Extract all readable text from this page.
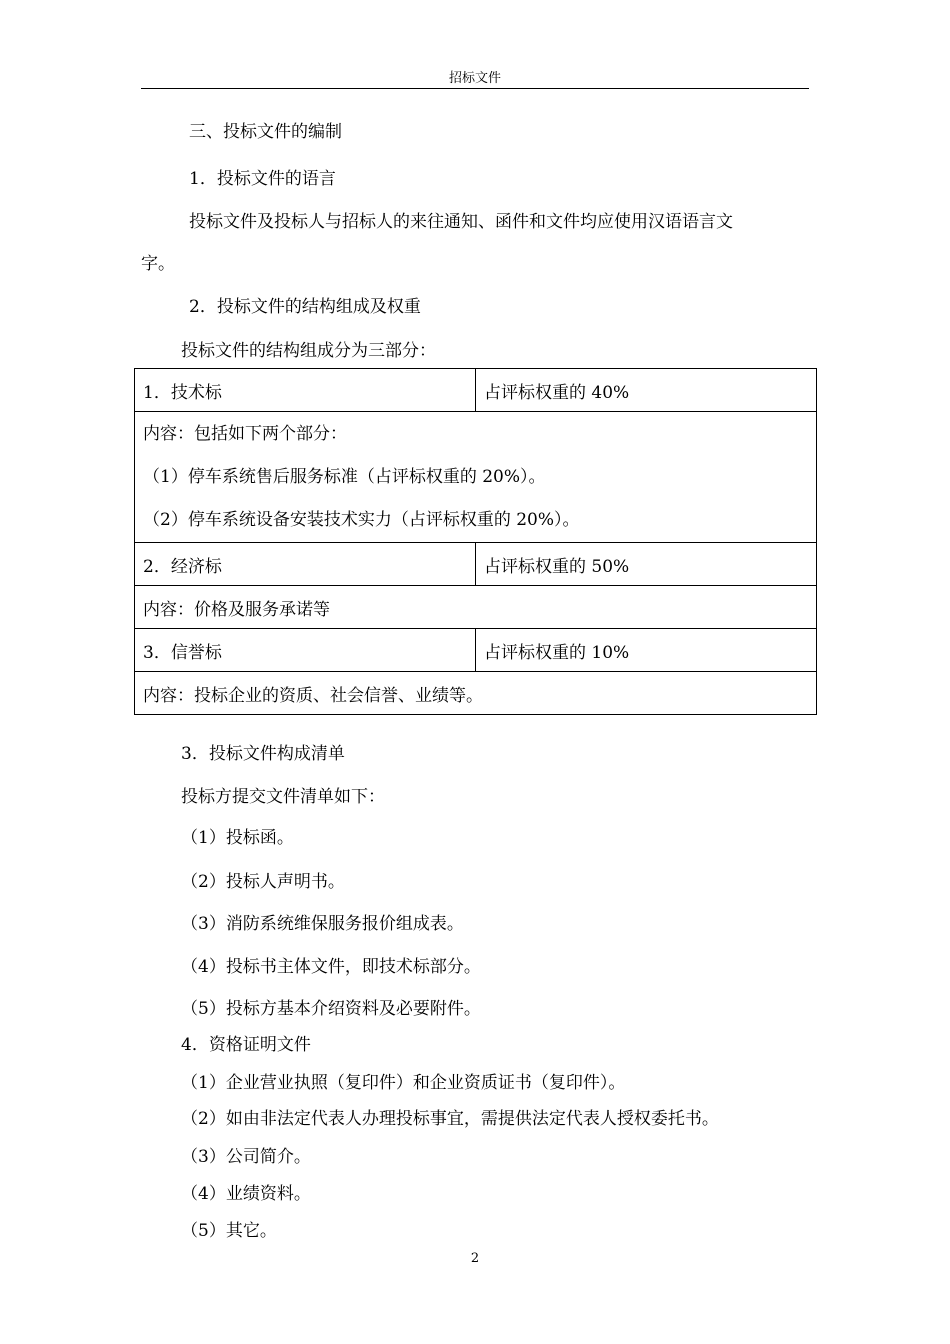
招标文件
三、投标文件的编制
1．投标文件的语言
投标文件及投标人与招标人的来往通知、函件和文件均应使用汉语语言文
字。
2．投标文件的结构组成及权重
投标文件的结构组成分为三部分：
1．技术标	占评标权重的 40%

内容：包括如下两个部分：
（1）停车系统售后服务标准（占评标权重的 20%）。
（2）停车系统设备安装技术实力（占评标权重的 20%）。	

2．经济标	占评标权重的 50%
内容：价格及服务承诺等	
3．信誉标	占评标权重的 10%
内容：投标企业的资质、社会信誉、业绩等。	
3．投标文件构成清单
投标方提交文件清单如下：
（1）投标函。
（2）投标人声明书。
（3）消防系统维保服务报价组成表。
（4）投标书主体文件，即技术标部分。
（5）投标方基本介绍资料及必要附件。
4．资格证明文件
（1）企业营业执照（复印件）和企业资质证书（复印件）。
（2）如由非法定代表人办理投标事宜，需提供法定代表人授权委托书。
（3）公司简介。
（4）业绩资料。
（5）其它。
2
